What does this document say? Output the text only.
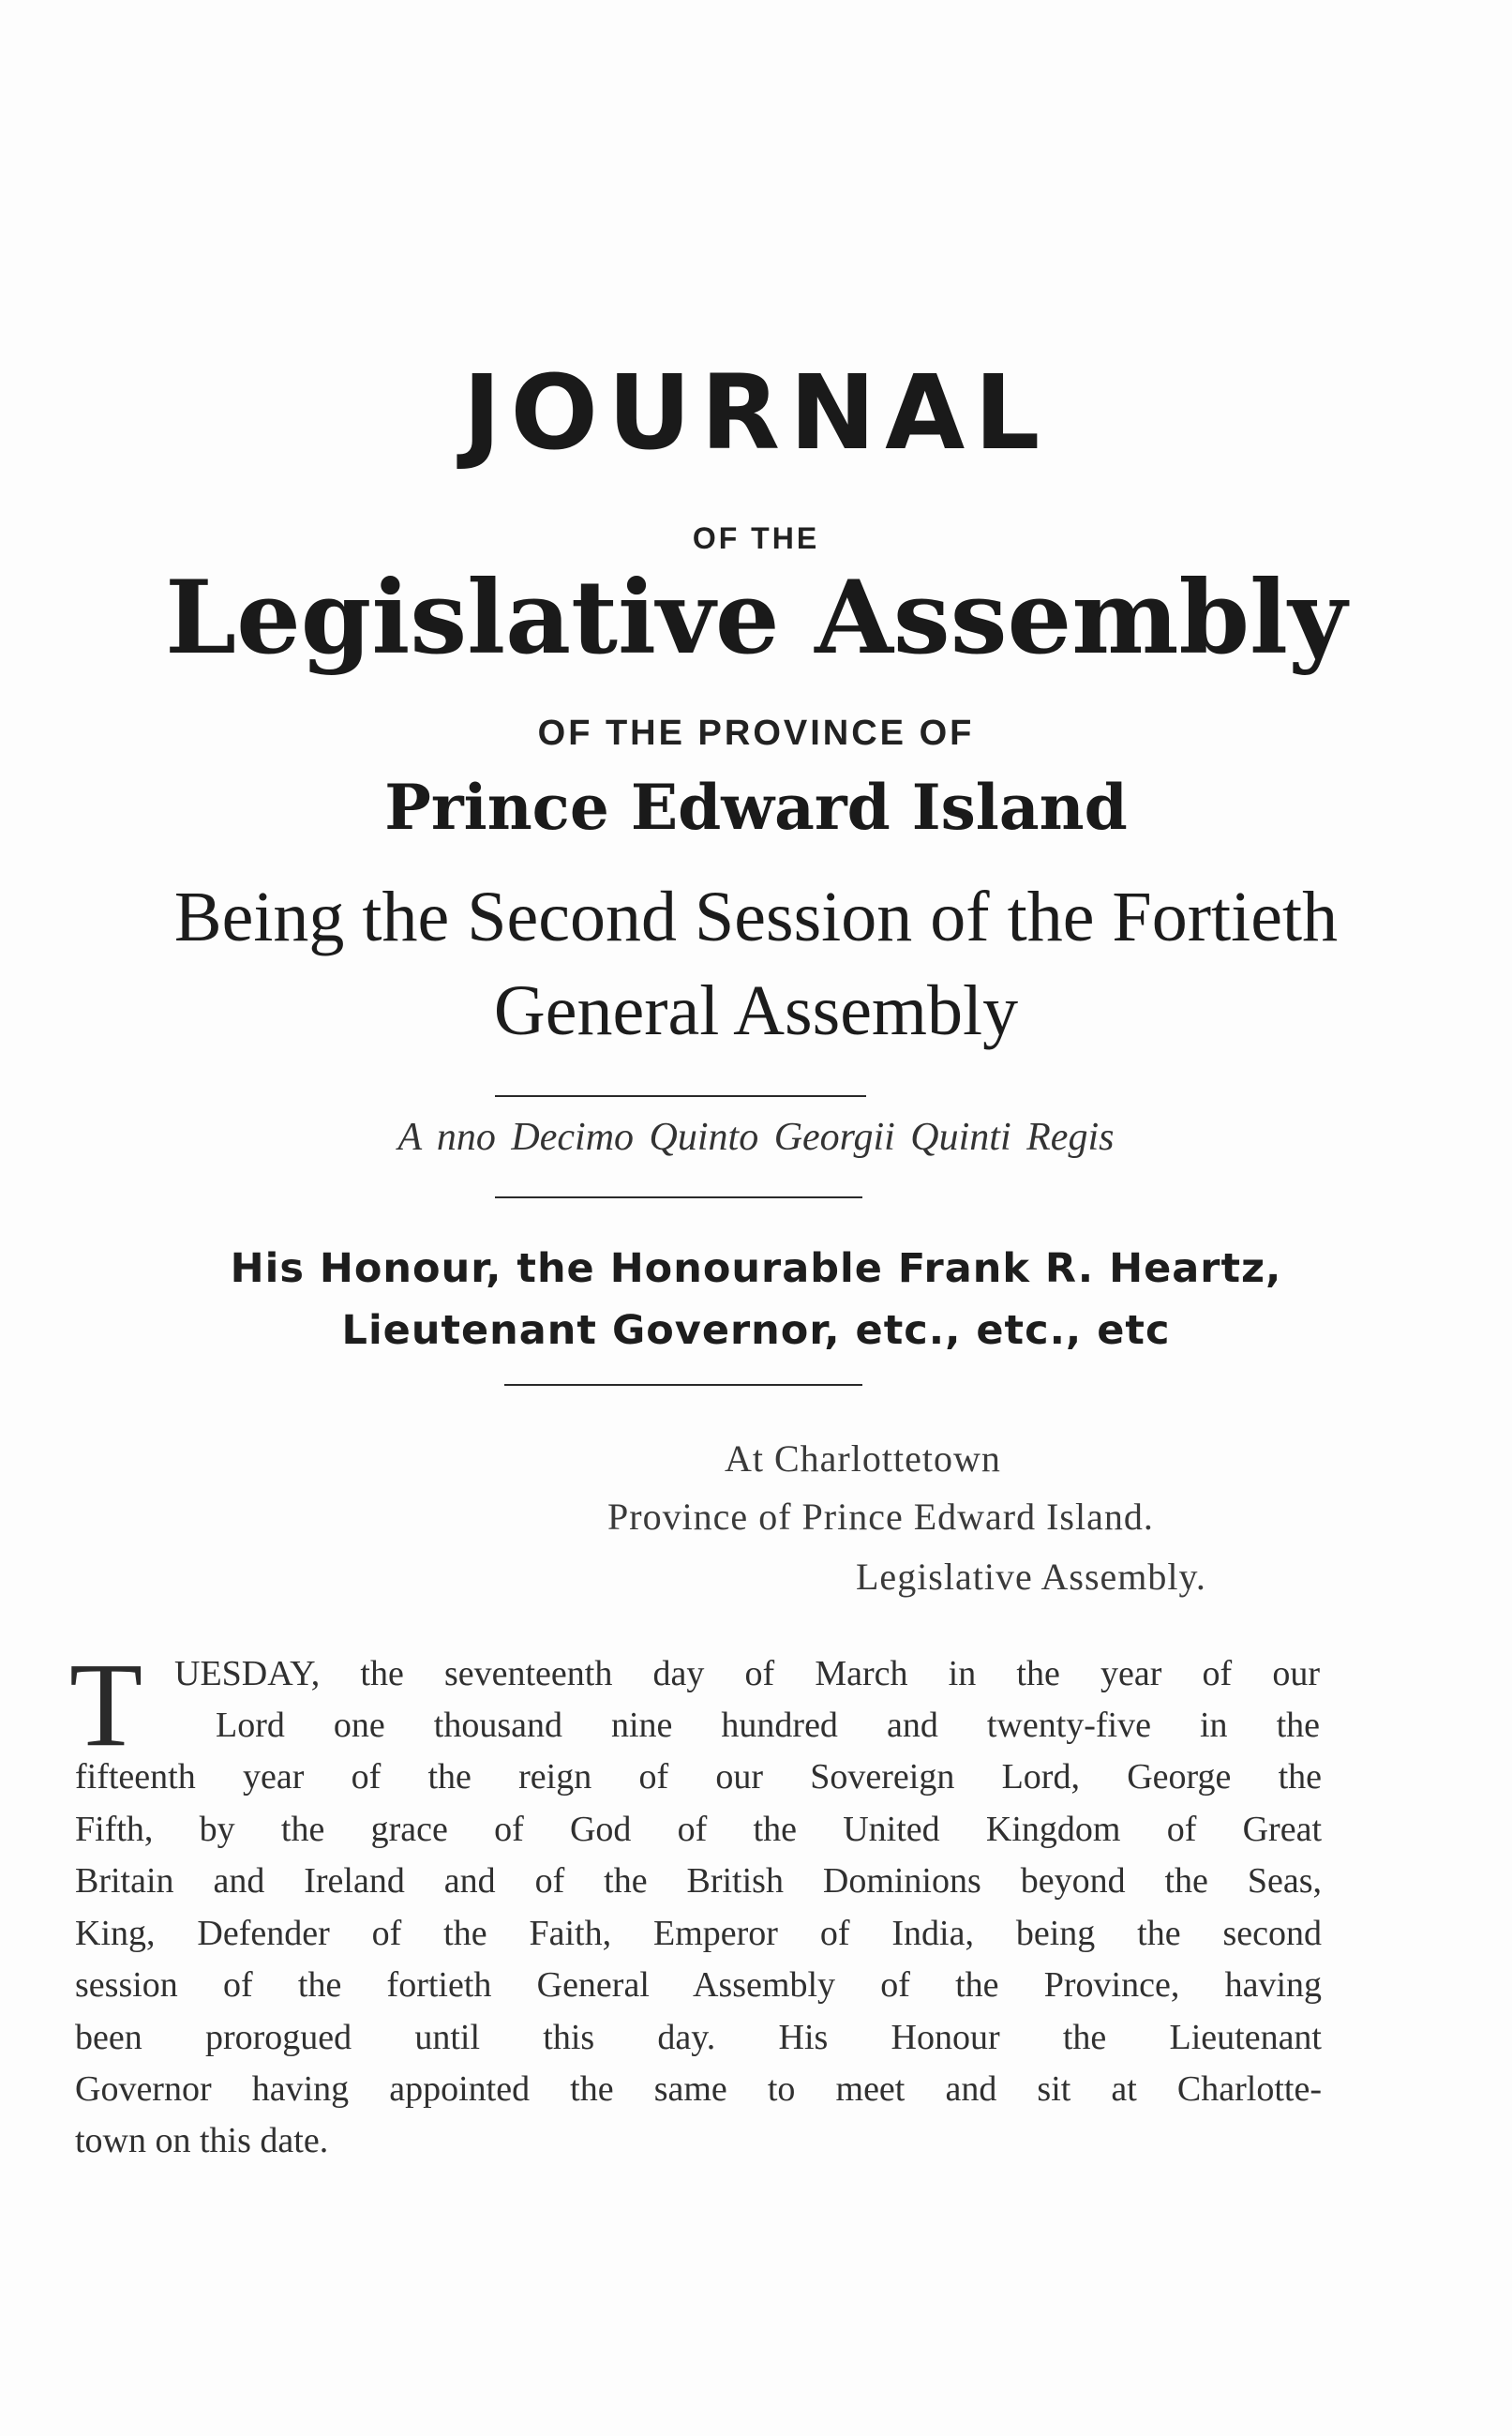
JOURNAL
OF THE
Legislative Assembly
OF THE PROVINCE OF
Prince Edward Island
Being the Second Session of the Fortieth
General Assembly
A nno Decimo Quinto Georgii Quinti Regis
His Honour, the Honourable Frank R. Heartz,
Lieutenant Governor, etc., etc., etc
At Charlottetown
Province of Prince Edward Island.
Legislative Assembly.
T UESDAY, the seventeenth day of March in the year of our
Lord one thousand nine hundred and twenty-five in the
fifteenth year of the reign of our Sovereign Lord, George the
Fifth, by the grace of God of the United Kingdom of Great
Britain and Ireland and of the British Dominions beyond the Seas,
King, Defender of the Faith, Emperor of India, being the second
session of the fortieth General Assembly of the Province, having
been prorogued until this day. His Honour the Lieutenant
Governor having appointed the same to meet and sit at Charlotte-
town on this date.
